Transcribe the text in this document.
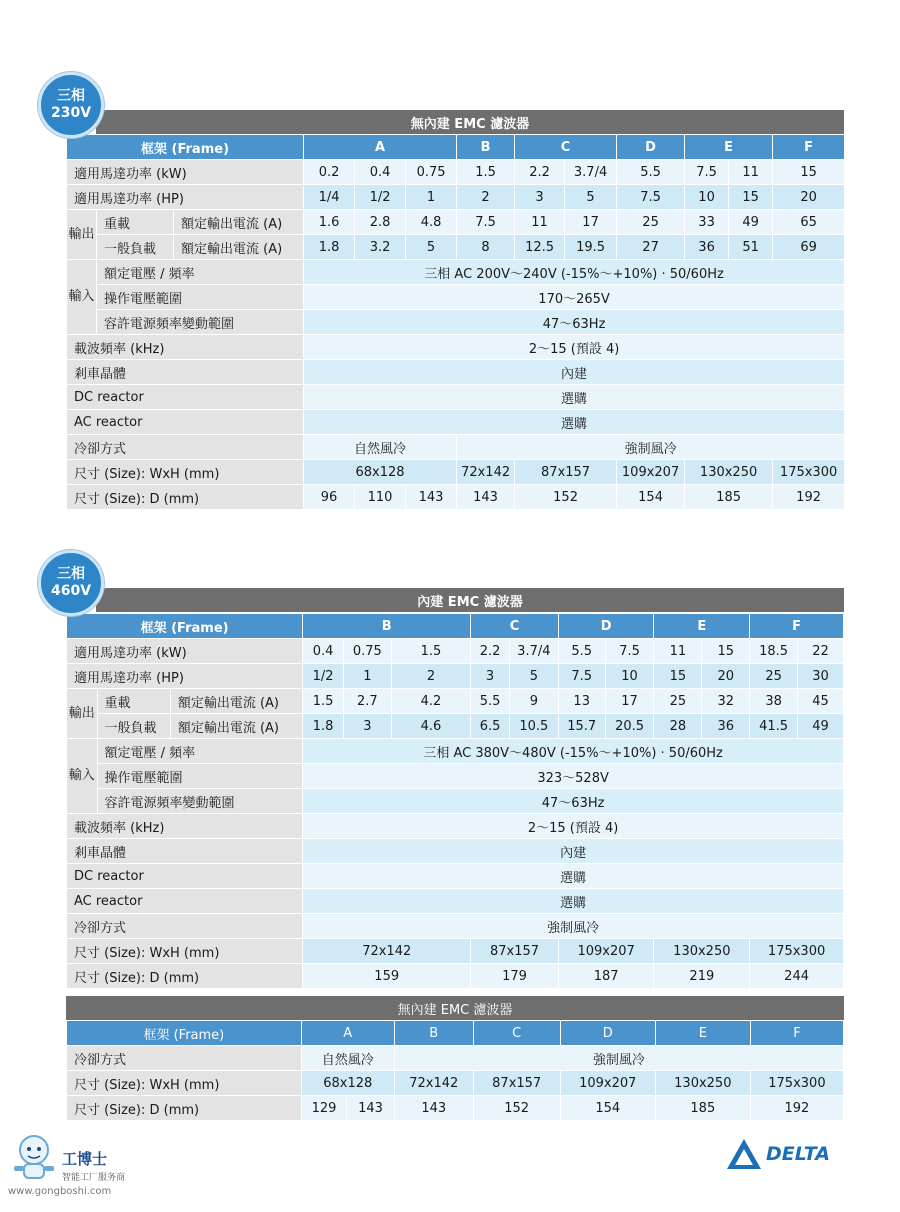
三相
230V
無內建 EMC 濾波器
框架 (Frame)			A			B	C		D	E		F
適用馬達功率 (kW)			0.2	0.4	0.75	1.5	2.2	3.7/4	5.5	7.5	11	15
適用馬達功率 (HP)			1/4	1/2	1	2	3	5	7.5	10	15	20
輸出	重載	額定輸出電流 (A)	1.6	2.8	4.8	7.5	11	17	25	33	49	65
	一般負載	額定輸出電流 (A)	1.8	3.2	5	8	12.5	19.5	27	36	51	69
輸入	額定電壓 / 頻率		三相 AC 200V～240V (-15%～+10%) · 50/60Hz									
	操作電壓範圍		170～265V									
	容許電源頻率變動範圍		47～63Hz									
載波頻率 (kHz)			2～15 (預設 4)									
剎車晶體			內建									
DC reactor			選購									
AC reactor			選購									
冷卻方式			自然風冷			強制風冷						
尺寸 (Size): WxH (mm)			68x128			72x142	87x157		109x207	130x250		175x300
尺寸 (Size): D (mm)			96	110	143	143	152		154	185		192
三相
460V
內建 EMC 濾波器
框架 (Frame)			B			C		D		E		F	
適用馬達功率 (kW)			0.4	0.75	1.5	2.2	3.7/4	5.5	7.5	11	15	18.5	22
適用馬達功率 (HP)			1/2	1	2	3	5	7.5	10	15	20	25	30
輸出	重載	額定輸出電流 (A)	1.5	2.7	4.2	5.5	9	13	17	25	32	38	45
	一般負載	額定輸出電流 (A)	1.8	3	4.6	6.5	10.5	15.7	20.5	28	36	41.5	49
輸入	額定電壓 / 頻率		三相 AC 380V～480V (-15%～+10%) · 50/60Hz										
	操作電壓範圍		323～528V										
	容許電源頻率變動範圍		47～63Hz										
載波頻率 (kHz)			2～15 (預設 4)										
剎車晶體			內建										
DC reactor			選購										
AC reactor			選購										
冷卻方式			強制風冷										
尺寸 (Size): WxH (mm)			72x142			87x157		109x207		130x250		175x300	
尺寸 (Size): D (mm)			159			179		187		219		244	
無內建 EMC 濾波器
框架 (Frame)	A		B	C	D	E	F
冷卻方式	自然風冷		強制風冷				
尺寸 (Size): WxH (mm)	68x128		72x142	87x157	109x207	130x250	175x300
尺寸 (Size): D (mm)	129	143	143	152	154	185	192
工博士
智能工厂服务商
www.gongboshi.com
DELTA
